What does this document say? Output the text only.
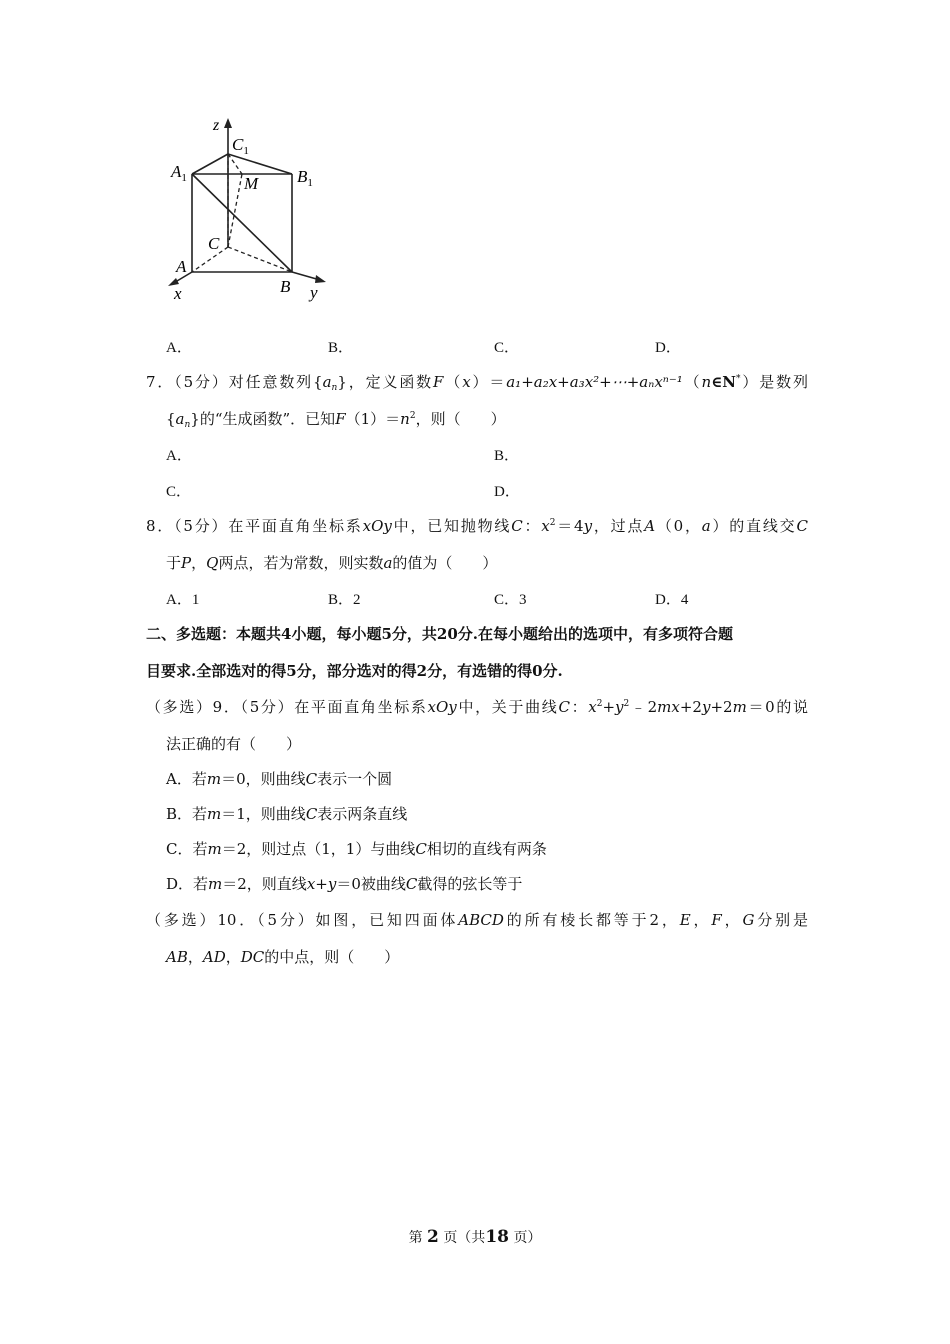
z
$C_1$
$A_1$	M $B_1$
C
A
x	B y
A．	B．	C．	D．
7．（5分）对任意数列$\{a_n\}$，定义函数F（x）＝a₁+a₂x+a₃x²+⋯+aₙxⁿ⁻¹（n∈N*）是数列
$\{a_n\}$的“生成函数”．已知$F(1)=n^2$，则（　　）
A．	B．
C．	D．
8．（5分）在平面直角坐标系xOy中，已知抛物线C：$x^2=4y$，过点A（0，a）的直线交C
于P，Q两点，若为常数，则实数a的值为（　　）
A．1	B．2	C．3	D．4
二、多选题：本题共4小题，每小题5分，共20分.在每小题给出的选项中，有多项符合题
目要求.全部选对的得5分，部分选对的得2分，有选错的得0分.
（多选）9．（5分）在平面直角坐标系xOy中，关于曲线C：$x^2+y^2﹣2mx+2y+2m=0$的说
法正确的有（　　）
A．若m＝0，则曲线C表示一个圆
B．若m＝1，则曲线C表示两条直线
C．若m＝2，则过点（1，1）与曲线C相切的直线有两条
D．若m＝2，则直线x+y＝0被曲线C截得的弦长等于
（多选）10．（5分）如图，已知四面体ABCD的所有棱长都等于2，E，F，G分别是
AB，AD，DC的中点，则（　　）
第 2 页（共18 页）
